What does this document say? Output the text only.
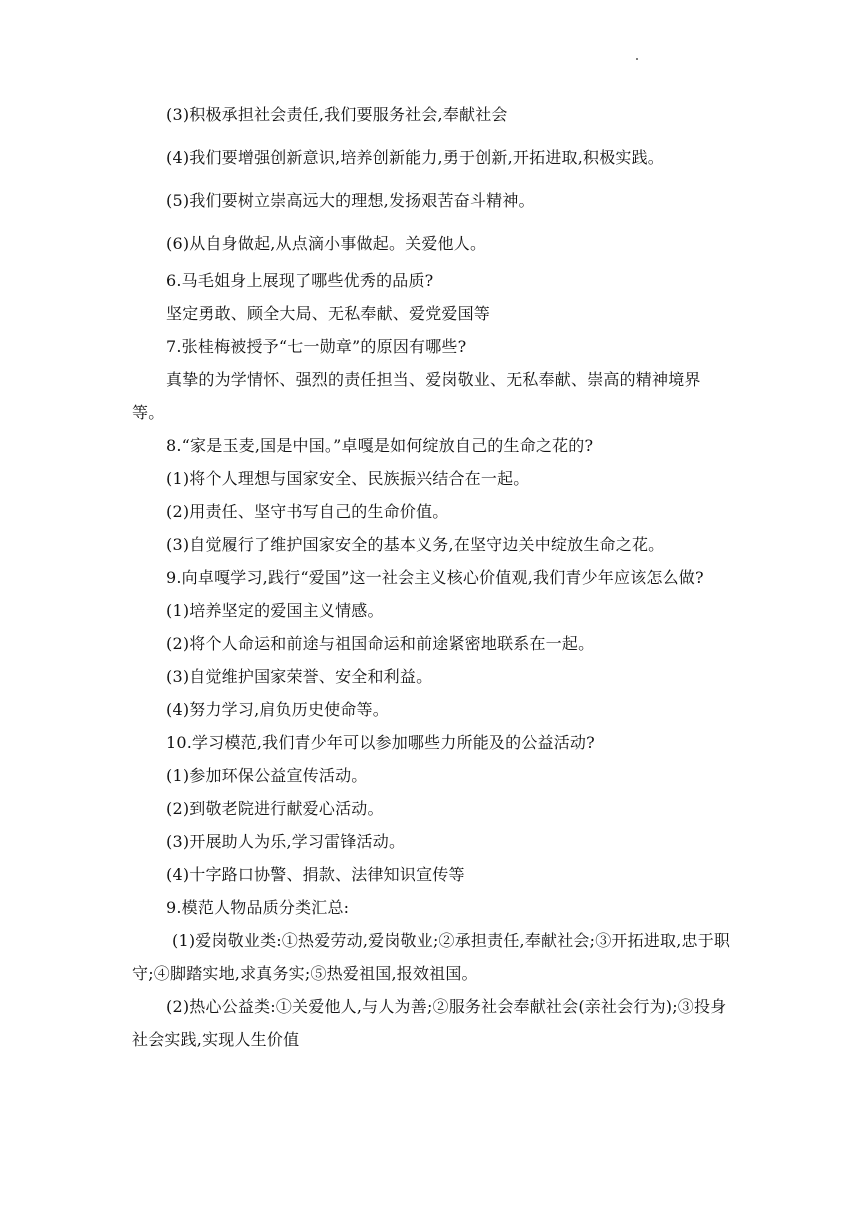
(3)积极承担社会责任,我们要服务社会,奉献社会
(4)我们要增强创新意识,培养创新能力,勇于创新,开拓进取,积极实践。
(5)我们要树立崇高远大的理想,发扬艰苦奋斗精神。
(6)从自身做起,从点滴小事做起。关爱他人。
6.马毛姐身上展现了哪些优秀的品质?
坚定勇敢、顾全大局、无私奉献、爱党爱国等
7.张桂梅被授予“七一勋章”的原因有哪些?
真挚的为学情怀、强烈的责任担当、爱岗敬业、无私奉献、崇高的精神境界等。
8.“家是玉麦,国是中国。”卓嘎是如何绽放自己的生命之花的?
(1)将个人理想与国家安全、民族振兴结合在一起。
(2)用责任、坚守书写自己的生命价值。
(3)自觉履行了维护国家安全的基本义务,在坚守边关中绽放生命之花。
9.向卓嘎学习,践行“爱国”这一社会主义核心价值观,我们青少年应该怎么做?
(1)培养坚定的爱国主义情感。
(2)将个人命运和前途与祖国命运和前途紧密地联系在一起。
(3)自觉维护国家荣誉、安全和利益。
(4)努力学习,肩负历史使命等。
10.学习模范,我们青少年可以参加哪些力所能及的公益活动?
(1)参加环保公益宣传活动。
(2)到敬老院进行献爱心活动。
(3)开展助人为乐,学习雷锋活动。
(4)十字路口协警、捐款、法律知识宣传等
9.模范人物品质分类汇总:
(1)爱岗敬业类:①热爱劳动,爱岗敬业;②承担责任,奉献社会;③开拓进取,忠于职守;④脚踏实地,求真务实;⑤热爱祖国,报效祖国。
(2)热心公益类:①关爱他人,与人为善;②服务社会奉献社会(亲社会行为);③投身社会实践,实现人生价值
